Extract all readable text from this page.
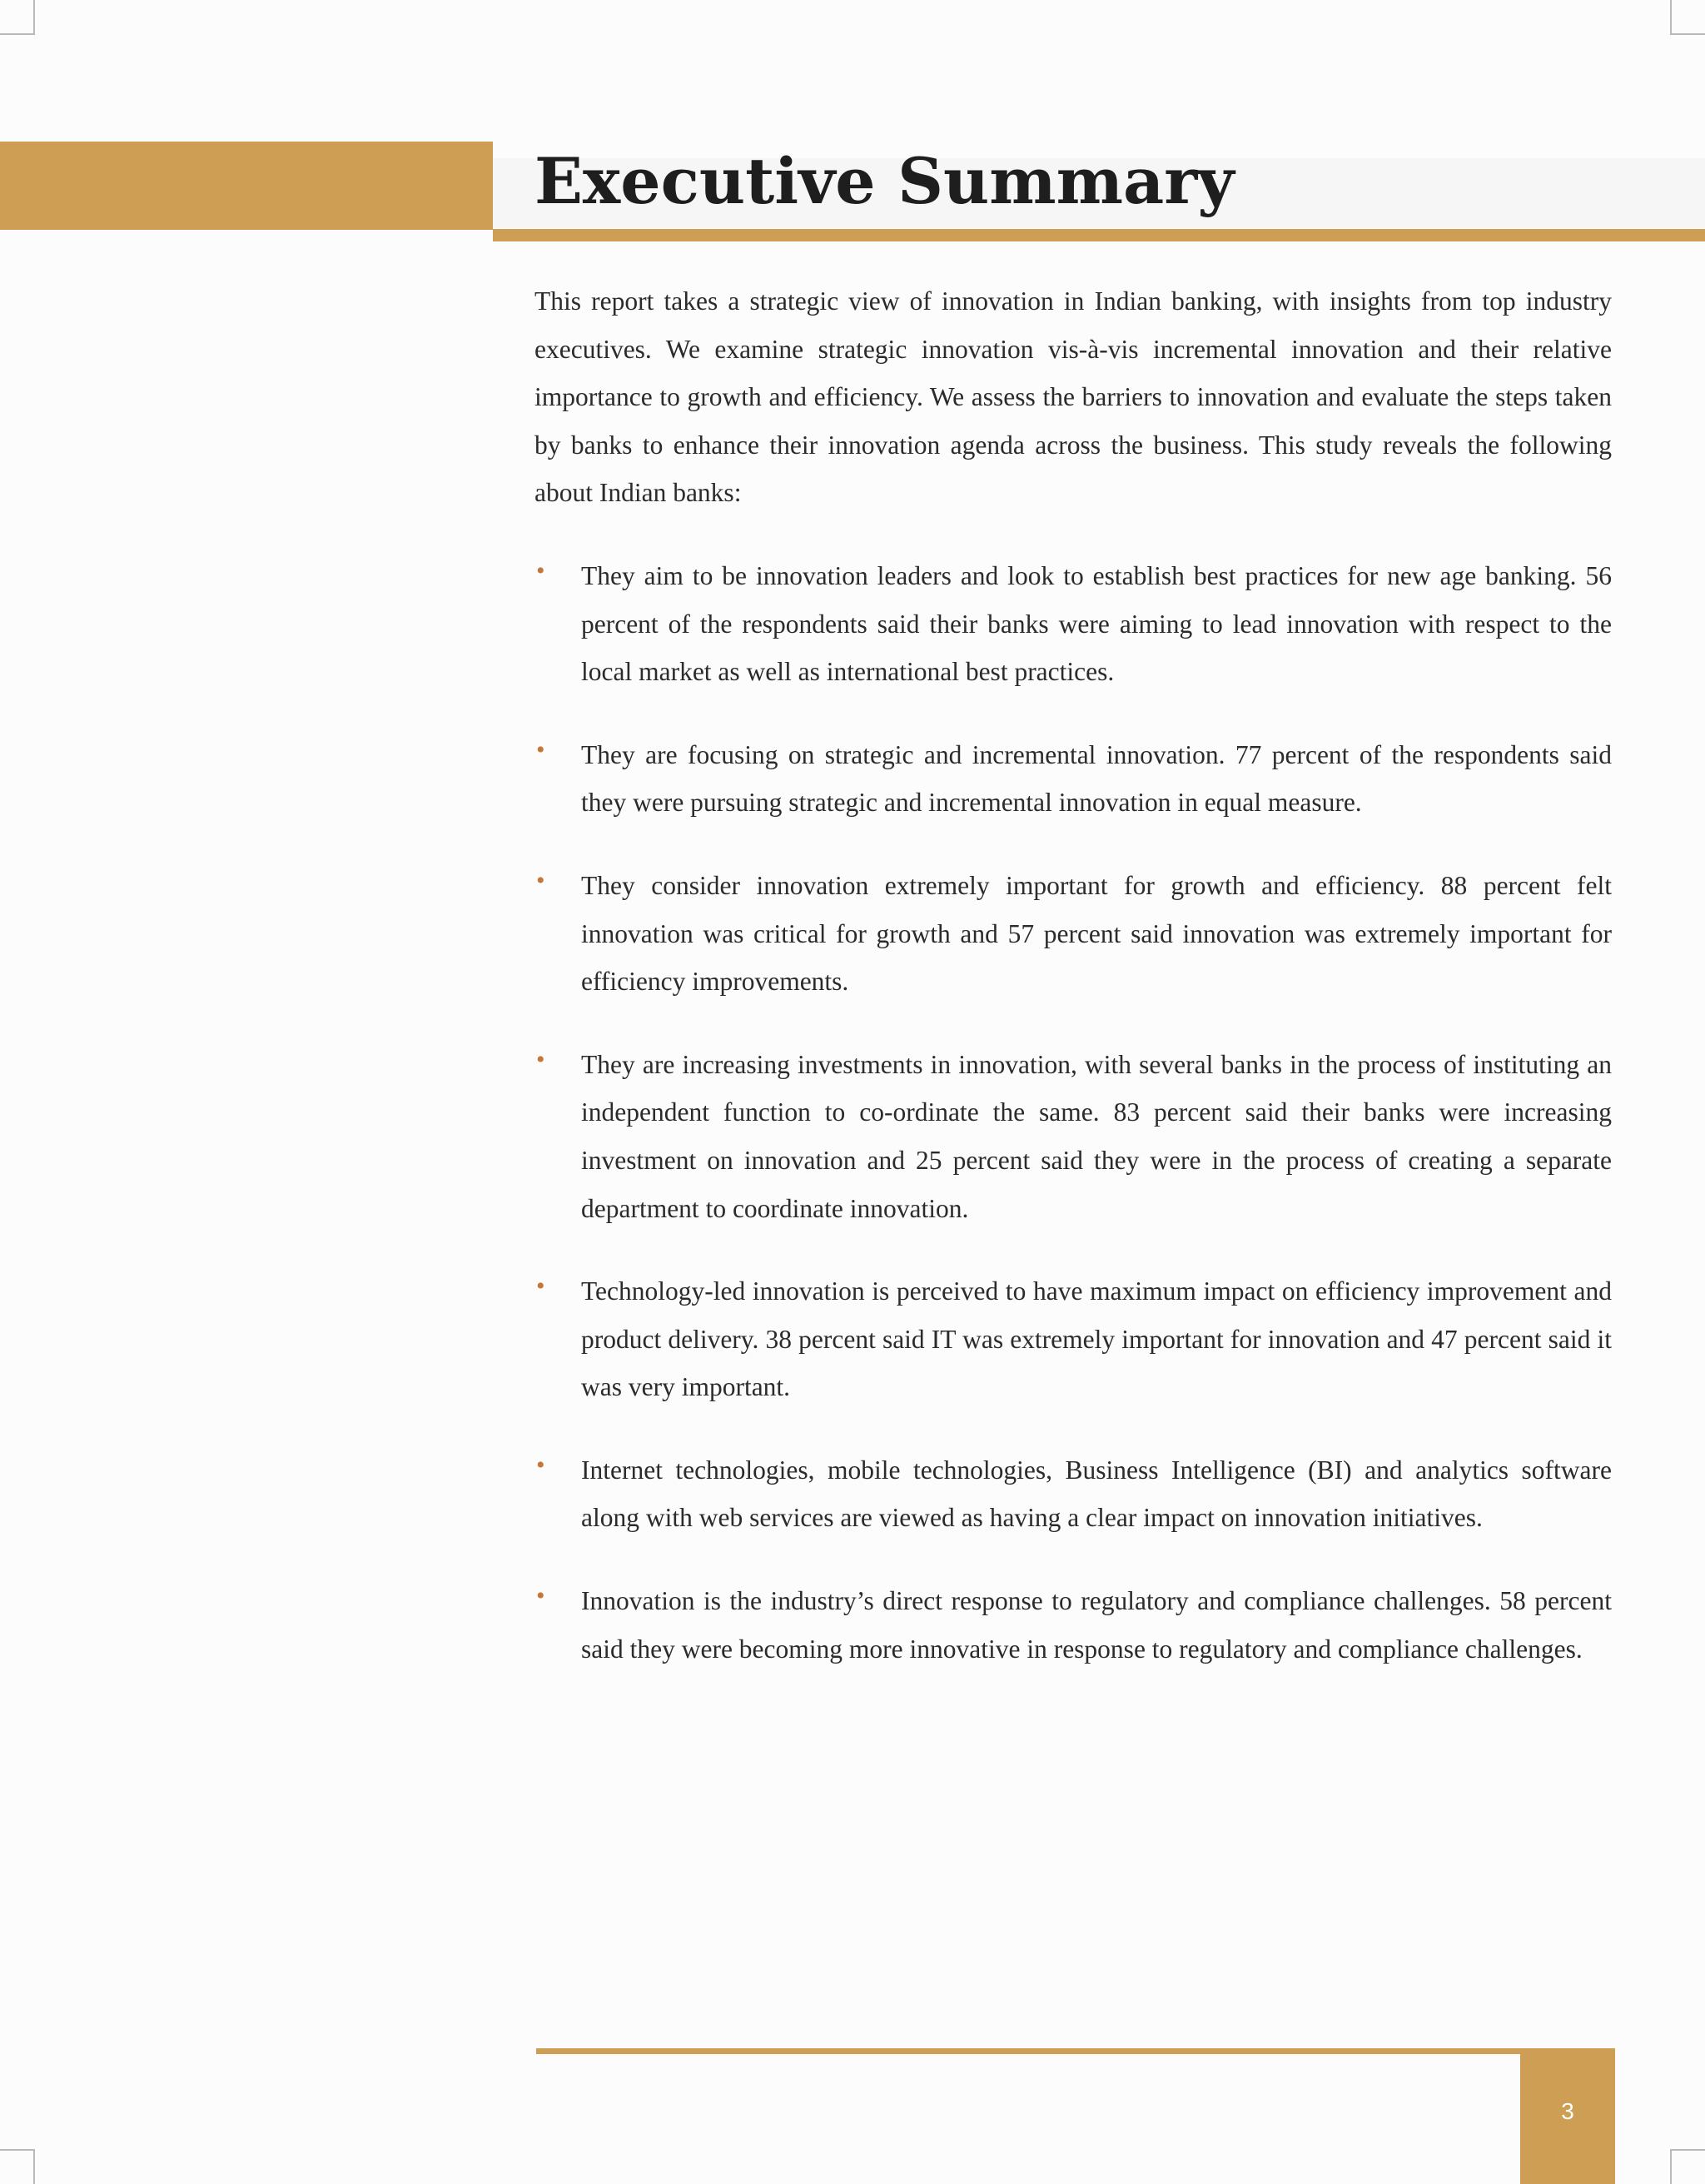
Executive Summary

This report takes a strategic view of innovation in Indian banking, with insights from top industry executives. We examine strategic innovation vis-à-vis incremental innovation and their relative importance to growth and efficiency. We assess the barriers to innovation and evaluate the steps taken by banks to enhance their innovation agenda across the business. This study reveals the following about Indian banks:

• They aim to be innovation leaders and look to establish best practices for new age banking. 56 percent of the respondents said their banks were aiming to lead innovation with respect to the local market as well as international best practices.
• They are focusing on strategic and incremental innovation. 77 percent of the respondents said they were pursuing strategic and incremental innovation in equal measure.
• They consider innovation extremely important for growth and efficiency. 88 percent felt innovation was critical for growth and 57 percent said innovation was extremely important for efficiency improvements.
• They are increasing investments in innovation, with several banks in the process of instituting an independent function to co-ordinate the same. 83 percent said their banks were increasing investment on innovation and 25 percent said they were in the process of creating a separate department to coordinate innovation.
• Technology-led innovation is perceived to have maximum impact on efficiency improvement and product delivery. 38 percent said IT was extremely important for innovation and 47 percent said it was very important.
• Internet technologies, mobile technologies, Business Intelligence (BI) and analytics software along with web services are viewed as having a clear impact on innovation initiatives.
• Innovation is the industry’s direct response to regulatory and compliance challenges. 58 percent said they were becoming more innovative in response to regulatory and compliance challenges.
3
